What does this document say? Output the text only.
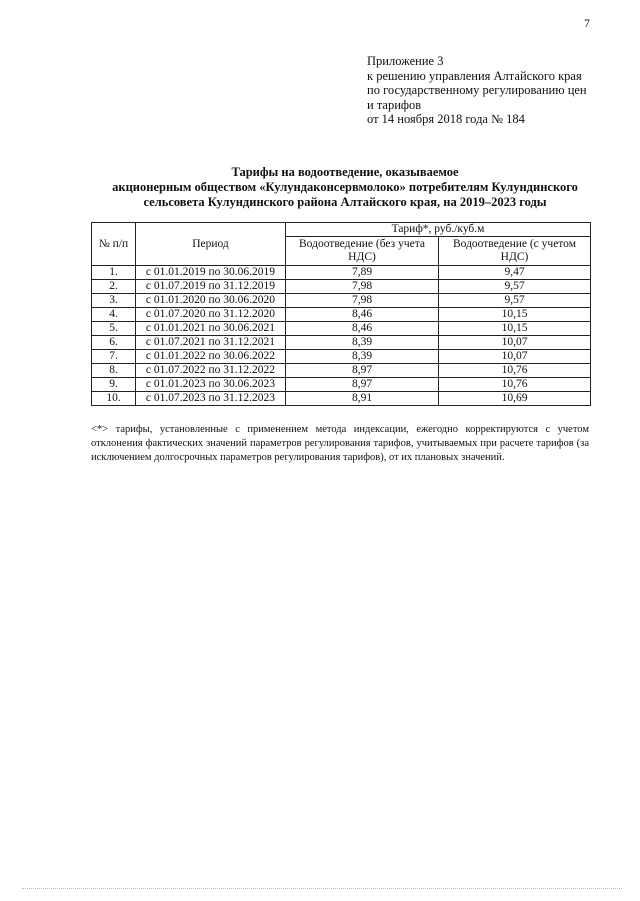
7
Приложение 3
к решению управления Алтайского края
по государственному регулированию цен
и тарифов
от 14 ноября 2018 года № 184
Тарифы на водоотведение, оказываемое
акционерным обществом «Кулундаконсервмолоко» потребителям Кулундинского
сельсовета Кулундинского района Алтайского края, на 2019–2023 годы
№ п/п	Период	Тариф*, руб./куб.м	
		Водоотведение (без учета НДС)	Водоотведение (с учетом НДС)
1.	с 01.01.2019 по 30.06.2019	7,89	9,47
2.	с 01.07.2019 по 31.12.2019	7,98	9,57
3.	с 01.01.2020 по 30.06.2020	7,98	9,57
4.	с 01.07.2020 по 31.12.2020	8,46	10,15
5.	с 01.01.2021 по 30.06.2021	8,46	10,15
6.	с 01.07.2021 по 31.12.2021	8,39	10,07
7.	с 01.01.2022 по 30.06.2022	8,39	10,07
8.	с 01.07.2022 по 31.12.2022	8,97	10,76
9.	с 01.01.2023 по 30.06.2023	8,97	10,76
10.	с 01.07.2023 по 31.12.2023	8,91	10,69
<*> тарифы, установленные с применением метода индексации, ежегодно корректируются с учетом отклонения фактических значений параметров регулирования тарифов, учитываемых при расчете тарифов (за исключением долгосрочных параметров регулирования тарифов), от их плановых значений.
